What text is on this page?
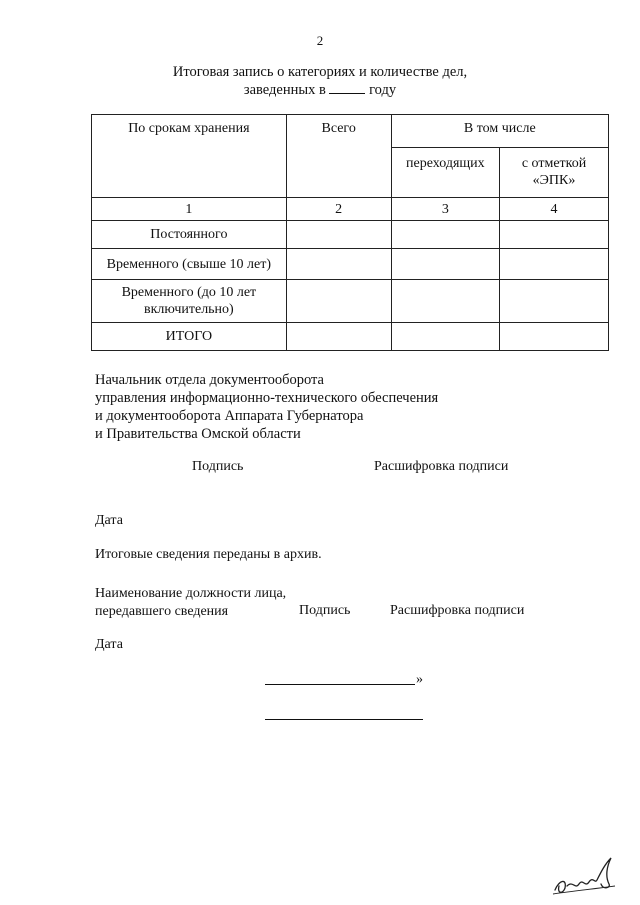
2
Итоговая запись о категориях и количестве дел,
заведенных в	году
По срокам хранения	Всего	В том числе	
		переходящих	с отметкой
«ЭПК»

1	2	3	4
Постоянного			
Временного (свыше 10 лет)			

Временного (до 10 лет
включительно)			

ИТОГО			
Начальник отдела документооборота
управления информационно-технического обеспечения
и документооборота Аппарата Губернатора
и Правительства Омской области
Подпись	Расшифровка подписи
Дата
Итоговые сведения переданы в архив.
Наименование должности лица,
передавшего сведения	Подпись	Расшифровка подписи
Дата
»
